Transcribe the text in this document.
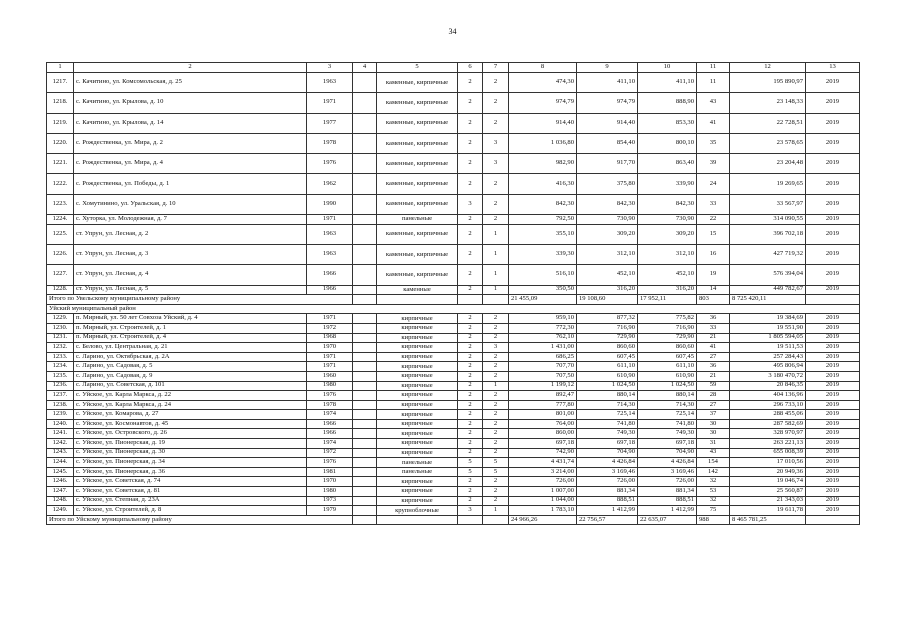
34
1	2	3	4	5	6	7	8	9	10	11	12	13
1217.	с. Качитино, ул. Комсомольская, д. 25	1963		каменные, кирпичные	2	2	474,30	411,10	411,10	11	195 890,97	2019
1218.	с. Качитино, ул. Крылова, д. 10	1971		каменные, кирпичные	2	2	974,79	974,79	888,90	43	23 148,33	2019
1219.	с. Качитино, ул. Крылова, д. 14	1977		каменные, кирпичные	2	2	914,40	914,40	853,30	41	22 728,51	2019
1220.	с. Рождественка, ул. Мира, д. 2	1978		каменные, кирпичные	2	3	1 036,80	854,40	800,10	35	23 578,65	2019
1221.	с. Рождественка, ул. Мира, д. 4	1976		каменные, кирпичные	2	3	982,90	917,70	863,40	39	23 204,48	2019
1222.	с. Рождественка, ул. Победы, д. 1	1962		каменные, кирпичные	2	2	416,30	375,80	339,90	24	19 269,65	2019
1223.	с. Хомутинино, ул. Уральская, д. 10	1990		каменные, кирпичные	3	2	842,30	842,30	842,30	33	33 567,97	2019
1224.	с. Хуторка, ул. Молодежная, д. 7	1971		панельные	2	2	792,50	730,90	730,90	22	314 090,55	2019
1225.	ст. Упрун, ул. Лесная, д. 2	1963		каменные, кирпичные	2	1	355,10	309,20	309,20	15	396 702,18	2019
1226.	ст. Упрун, ул. Лесная, д. 3	1963		каменные, кирпичные	2	1	339,30	312,10	312,10	16	427 719,32	2019
1227.	ст. Упрун, ул. Лесная, д. 4	1966		каменные, кирпичные	2	1	516,10	452,10	452,10	19	576 394,04	2019
1228.	ст. Упрун, ул. Лесная, д. 5	1966		каменные	2	1	350,50	316,20	316,20	14	449 782,67	2019
Итого по Увельскому муниципальному району							21 455,09	19 108,60	17 952,11	803	8 725 420,11	
Уйский муниципальный район												
1229.	п. Мирный, ул. 50 лет Совхоза Уйский, д. 4	1971		кирпичные	2	2	959,10	877,32	775,82	36	19 384,69	2019
1230.	п. Мирный, ул. Строителей, д. 1	1972		кирпичные	2	2	772,30	716,90	716,90	33	19 551,90	2019
1231.	п. Мирный, ул. Строителей, д. 4	1968		кирпичные	2	2	762,10	729,90	729,90	21	1 805 594,05	2019
1232.	с. Белово, ул. Центральная, д. 21	1970		кирпичные	2	3	1 431,00	860,60	860,60	41	19 511,53	2019
1233.	с. Ларино, ул. Октябрьская, д. 2А	1971		кирпичные	2	2	686,25	607,45	607,45	27	257 284,43	2019
1234.	с. Ларино, ул. Садовая, д. 5	1971		кирпичные	2	2	707,70	611,10	611,10	36	495 806,94	2019
1235.	с. Ларино, ул. Садовая, д. 9	1960		кирпичные	2	2	707,50	610,90	610,90	21	3 180 470,72	2019
1236.	с. Ларино, ул. Советская, д. 101	1980		кирпичные	2	1	1 199,12	1 024,50	1 024,50	59	20 846,35	2019
1237.	с. Уйское, ул. Карла Маркса, д. 22	1976		кирпичные	2	2	892,47	880,14	880,14	28	404 136,96	2019
1238.	с. Уйское, ул. Карла Маркса, д. 24	1978		кирпичные	2	2	777,80	714,30	714,30	27	296 733,10	2019
1239.	с. Уйское, ул. Комарова, д. 27	1974		кирпичные	2	2	801,00	725,14	725,14	37	288 455,06	2019
1240.	с. Уйское, ул. Космонавтов, д. 45	1966		кирпичные	2	2	764,00	741,80	741,80	30	287 582,69	2019
1241.	с. Уйское, ул. Островского, д. 26	1966		кирпичные	2	2	860,00	749,30	749,30	30	328 970,97	2019
1242.	с. Уйское, ул. Пионерская, д. 19	1974		кирпичные	2	2	697,18	697,18	697,18	31	263 221,13	2019
1243.	с. Уйское, ул. Пионерская, д. 30	1972		кирпичные	2	2	742,90	704,90	704,90	43	655 008,39	2019
1244.	с. Уйское, ул. Пионерская, д. 34	1976		панельные	5	5	4 431,74	4 426,84	4 426,84	154	17 010,56	2019
1245.	с. Уйское, ул. Пионерская, д. 36	1981		панельные	5	5	3 214,00	3 169,46	3 169,46	142	20 949,36	2019
1246.	с. Уйское, ул. Советская, д. 74	1970		кирпичные	2	2	726,00	726,00	726,00	32	19 046,74	2019
1247.	с. Уйское, ул. Советская, д. 81	1980		кирпичные	2	2	1 007,00	881,34	881,34	53	25 560,87	2019
1248.	с. Уйское, ул. Степная, д. 23А	1973		кирпичные	2	2	1 044,00	888,51	888,51	32	21 343,03	2019
1249.	с. Уйское, ул. Строителей, д. 8	1979		крупноблочные	3	1	1 783,10	1 412,99	1 412,99	75	19 611,78	2019
Итого по Уйскому муниципальному району							24 966,26	22 756,57	22 635,07	988	8 465 781,25	
